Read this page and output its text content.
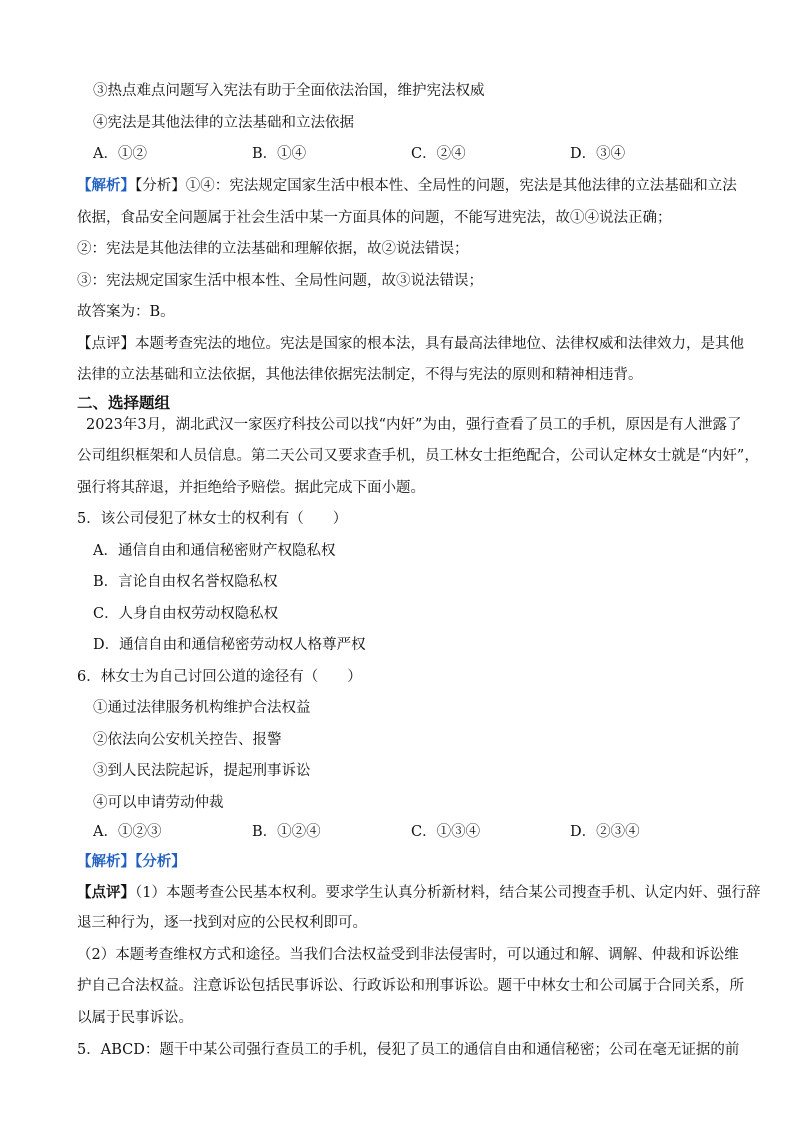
③热点难点问题写入宪法有助于全面依法治国，维护宪法权威
④宪法是其他法律的立法基础和立法依据
A．①②	B．①④	C．②④	D．③④
【解析】【分析】①④：宪法规定国家生活中根本性、全局性的问题，宪法是其他法律的立法基础和立法
依据，食品安全问题属于社会生活中某一方面具体的问题，不能写进宪法，故①④说法正确；
②：宪法是其他法律的立法基础和理解依据，故②说法错误；
③：宪法规定国家生活中根本性、全局性问题，故③说法错误；
故答案为：B。
【点评】本题考查宪法的地位。宪法是国家的根本法，具有最高法律地位、法律权威和法律效力，是其他
法律的立法基础和立法依据，其他法律依据宪法制定，不得与宪法的原则和精神相违背。
二、选择题组
2023年3月，湖北武汉一家医疗科技公司以找“内奸”为由，强行查看了员工的手机，原因是有人泄露了
公司组织框架和人员信息。第二天公司又要求查手机，员工林女士拒绝配合，公司认定林女士就是“内奸”，
强行将其辞退，并拒绝给予赔偿。据此完成下面小题。
5．该公司侵犯了林女士的权利有（　　）
A．通信自由和通信秘密财产权隐私权
B．言论自由权名誉权隐私权
C．人身自由权劳动权隐私权
D．通信自由和通信秘密劳动权人格尊严权
6．林女士为自己讨回公道的途径有（　　）
①通过法律服务机构维护合法权益
②依法向公安机关控告、报警
③到人民法院起诉，提起刑事诉讼
④可以申请劳动仲裁
A．①②③	B．①②④	C．①③④	D．②③④
【解析】【分析】
【点评】（1）本题考查公民基本权利。要求学生认真分析新材料，结合某公司搜查手机、认定内奸、强行辞
退三种行为，逐一找到对应的公民权利即可。
（2）本题考查维权方式和途径。当我们合法权益受到非法侵害时，可以通过和解、调解、仲裁和诉讼维
护自己合法权益。注意诉讼包括民事诉讼、行政诉讼和刑事诉讼。题干中林女士和公司属于合同关系，所
以属于民事诉讼。
5．ABCD：题干中某公司强行查员工的手机，侵犯了员工的通信自由和通信秘密；公司在毫无证据的前
